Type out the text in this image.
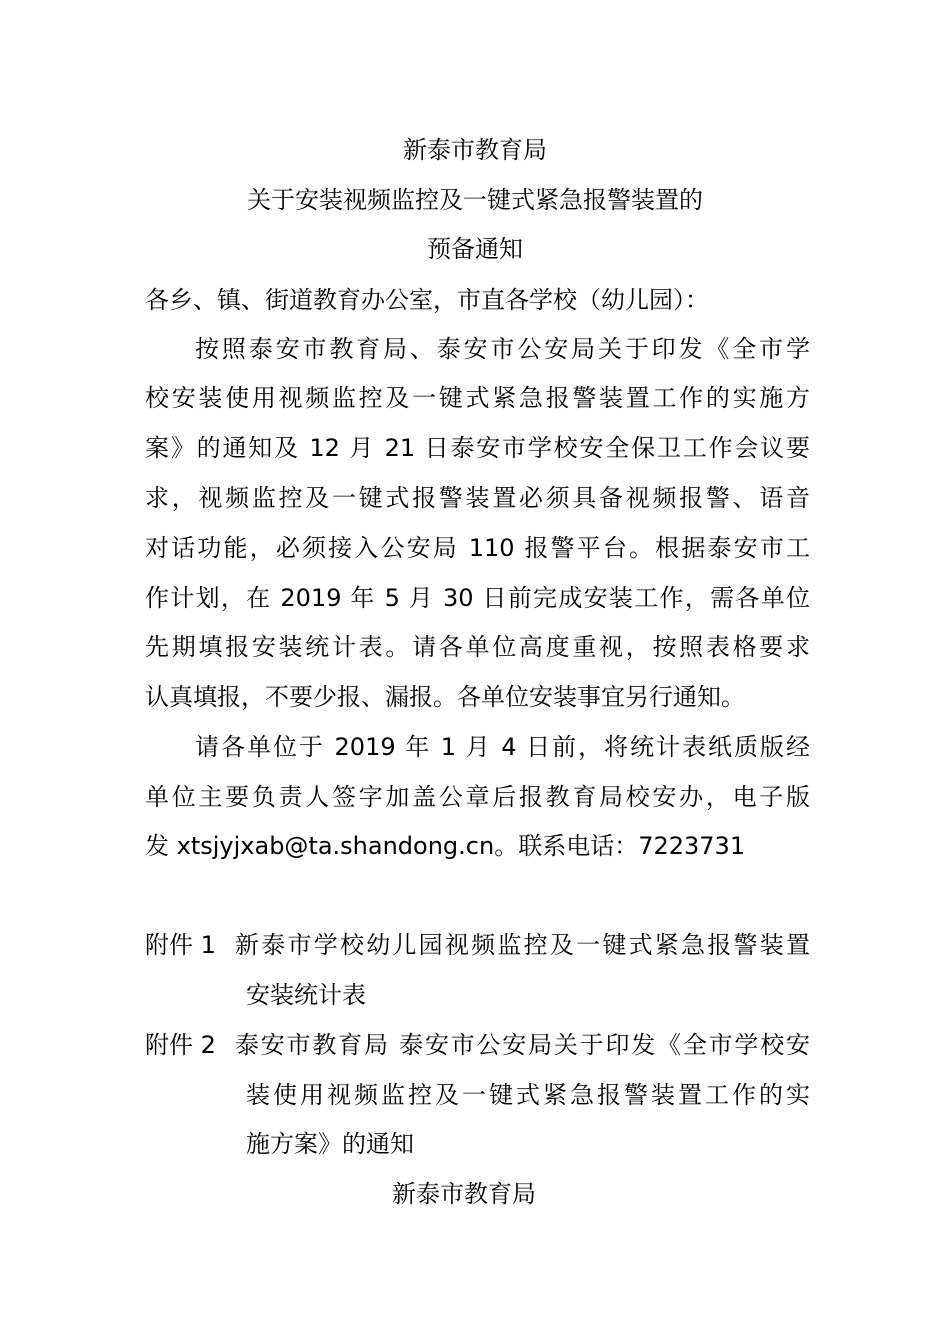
新泰市教育局
关于安装视频监控及一键式紧急报警装置的
预备通知
各乡、镇、街道教育办公室，市直各学校（幼儿园）：
按照泰安市教育局、泰安市公安局关于印发《全市学
校安装使用视频监控及一键式紧急报警装置工作的实施方
案》的通知及 12 月 21 日泰安市学校安全保卫工作会议要
求，视频监控及一键式报警装置必须具备视频报警、语音
对话功能，必须接入公安局 110 报警平台。根据泰安市工
作计划，在 2019 年 5 月 30 日前完成安装工作，需各单位
先期填报安装统计表。请各单位高度重视，按照表格要求
认真填报，不要少报、漏报。各单位安装事宜另行通知。
请各单位于 2019 年 1 月 4 日前，将统计表纸质版经
单位主要负责人签字加盖公章后报教育局校安办，电子版
发 xtsjyjxab@ta.shandong.cn。联系电话：7223731
附件 1 新泰市学校幼儿园视频监控及一键式紧急报警装置
安装统计表
附件 2 泰安市教育局 泰安市公安局关于印发《全市学校安
装使用视频监控及一键式紧急报警装置工作的实
施方案》的通知
新泰市教育局
